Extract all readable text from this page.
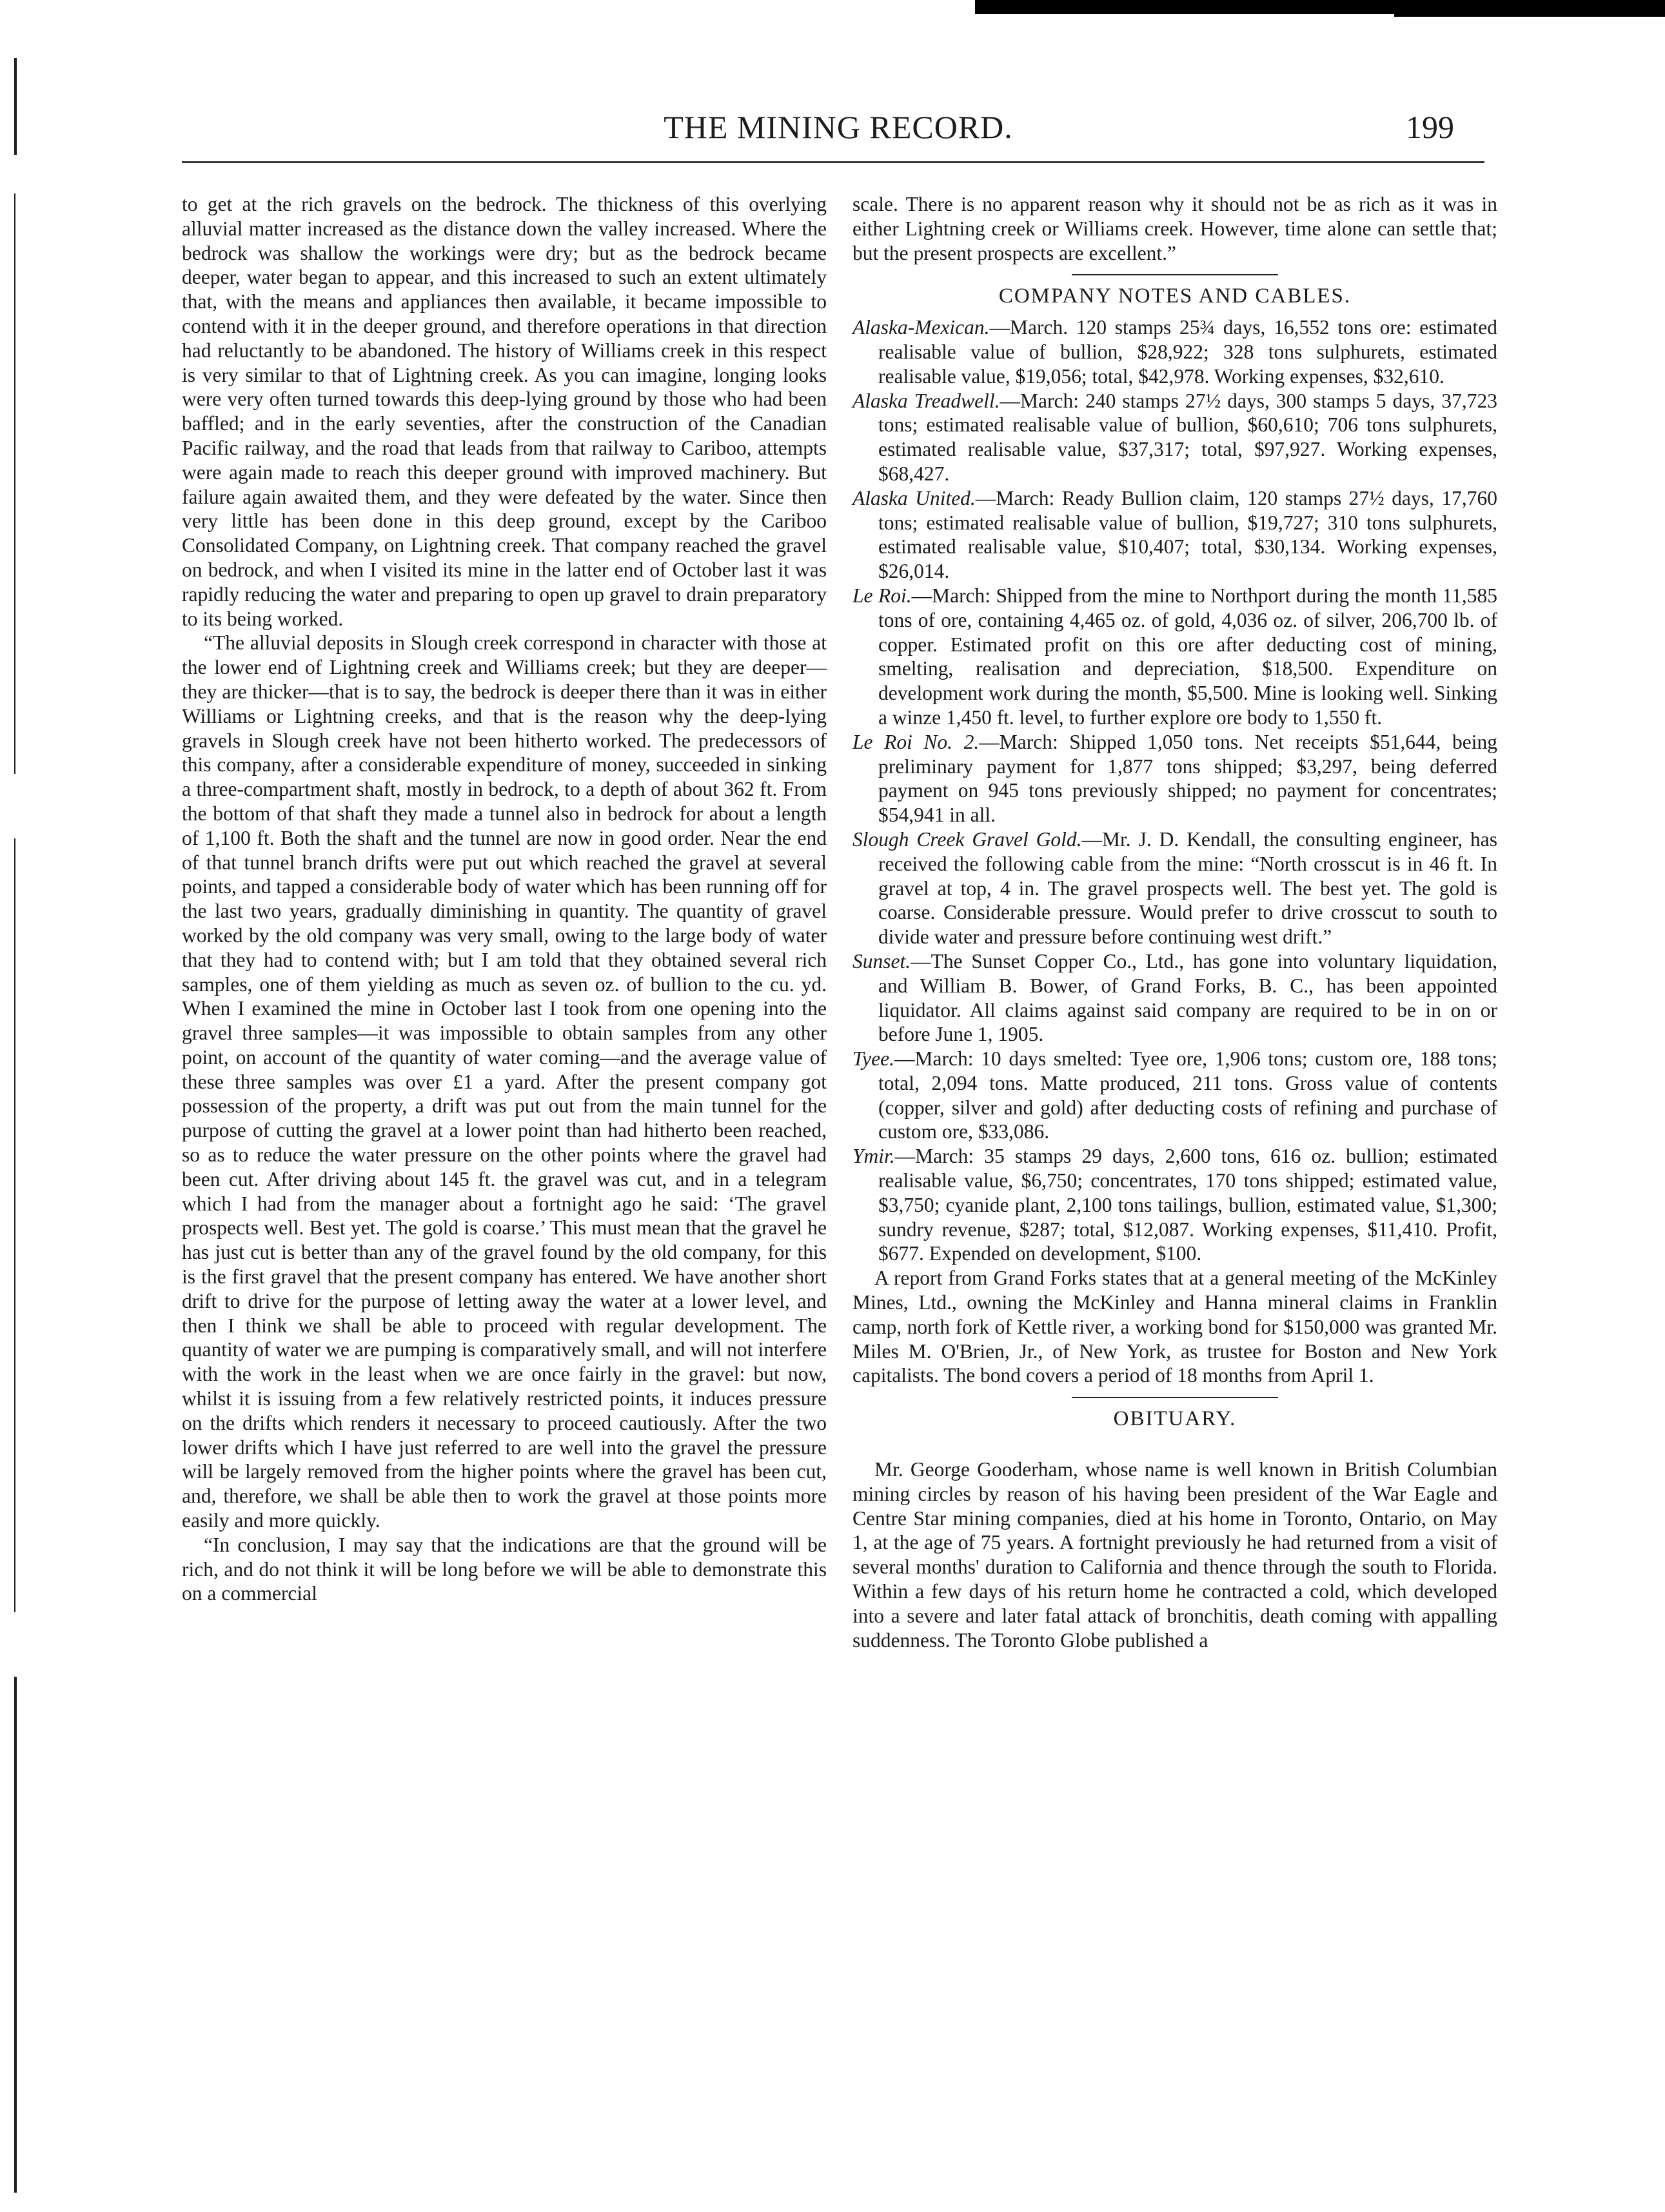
THE MINING RECORD.	199

to get at the rich gravels on the bedrock. The thickness of this overlying alluvial matter increased as the distance down the valley increased. Where the bedrock was shallow the workings were dry; but as the bedrock became deeper, water began to appear, and this increased to such an extent ultimately that, with the means and appliances then available, it became impossible to contend with it in the deeper ground, and therefore operations in that direction had reluctantly to be abandoned. The history of Williams creek in this respect is very similar to that of Lightning creek. As you can imagine, longing looks were very often turned towards this deep-lying ground by those who had been baffled; and in the early seventies, after the construction of the Canadian Pacific railway, and the road that leads from that railway to Cariboo, attempts were again made to reach this deeper ground with improved machinery. But failure again awaited them, and they were defeated by the water. Since then very little has been done in this deep ground, except by the Cariboo Consolidated Company, on Lightning creek. That company reached the gravel on bedrock, and when I visited its mine in the latter end of October last it was rapidly reducing the water and preparing to open up gravel to drain preparatory to its being worked.

“The alluvial deposits in Slough creek correspond in character with those at the lower end of Lightning creek and Williams creek; but they are deeper—they are thicker—that is to say, the bedrock is deeper there than it was in either Williams or Lightning creeks, and that is the reason why the deep-lying gravels in Slough creek have not been hitherto worked. The predecessors of this company, after a considerable expenditure of money, succeeded in sinking a three-compartment shaft, mostly in bedrock, to a depth of about 362 ft. From the bottom of that shaft they made a tunnel also in bedrock for about a length of 1,100 ft. Both the shaft and the tunnel are now in good order. Near the end of that tunnel branch drifts were put out which reached the gravel at several points, and tapped a considerable body of water which has been running off for the last two years, gradually diminishing in quantity. The quantity of gravel worked by the old company was very small, owing to the large body of water that they had to contend with; but I am told that they obtained several rich samples, one of them yielding as much as seven oz. of bullion to the cu. yd. When I examined the mine in October last I took from one opening into the gravel three samples—it was impossible to obtain samples from any other point, on account of the quantity of water coming—and the average value of these three samples was over £1 a yard. After the present company got possession of the property, a drift was put out from the main tunnel for the purpose of cutting the gravel at a lower point than had hitherto been reached, so as to reduce the water pressure on the other points where the gravel had been cut. After driving about 145 ft. the gravel was cut, and in a telegram which I had from the manager about a fortnight ago he said: ‘The gravel prospects well. Best yet. The gold is coarse.’ This must mean that the gravel he has just cut is better than any of the gravel found by the old company, for this is the first gravel that the present company has entered. We have another short drift to drive for the purpose of letting away the water at a lower level, and then I think we shall be able to proceed with regular development. The quantity of water we are pumping is comparatively small, and will not interfere with the work in the least when we are once fairly in the gravel: but now, whilst it is issuing from a few relatively restricted points, it induces pressure on the drifts which renders it necessary to proceed cautiously. After the two lower drifts which I have just referred to are well into the gravel the pressure will be largely removed from the higher points where the gravel has been cut, and, therefore, we shall be able then to work the gravel at those points more easily and more quickly.

“In conclusion, I may say that the indications are that the ground will be rich, and do not think it will be long before we will be able to demonstrate this on a commercial

scale. There is no apparent reason why it should not be as rich as it was in either Lightning creek or Williams creek. However, time alone can settle that; but the present prospects are excellent.”

COMPANY NOTES AND CABLES.

Alaska-Mexican.—March. 120 stamps 25¾ days, 16,552 tons ore: estimated realisable value of bullion, $28,922; 328 tons sulphurets, estimated realisable value, $19,056; total, $42,978. Working expenses, $32,610.

Alaska Treadwell.—March: 240 stamps 27½ days, 300 stamps 5 days, 37,723 tons; estimated realisable value of bullion, $60,610; 706 tons sulphurets, estimated realisable value, $37,317; total, $97,927. Working expenses, $68,427.

Alaska United.—March: Ready Bullion claim, 120 stamps 27½ days, 17,760 tons; estimated realisable value of bullion, $19,727; 310 tons sulphurets, estimated realisable value, $10,407; total, $30,134. Working expenses, $26,014.

Le Roi.—March: Shipped from the mine to Northport during the month 11,585 tons of ore, containing 4,465 oz. of gold, 4,036 oz. of silver, 206,700 lb. of copper. Estimated profit on this ore after deducting cost of mining, smelting, realisation and depreciation, $18,500. Expenditure on development work during the month, $5,500. Mine is looking well. Sinking a winze 1,450 ft. level, to further explore ore body to 1,550 ft.

Le Roi No. 2.—March: Shipped 1,050 tons. Net receipts $51,644, being preliminary payment for 1,877 tons shipped; $3,297, being deferred payment on 945 tons previously shipped; no payment for concentrates; $54,941 in all.

Slough Creek Gravel Gold.—Mr. J. D. Kendall, the consulting engineer, has received the following cable from the mine: “North crosscut is in 46 ft. In gravel at top, 4 in. The gravel prospects well. The best yet. The gold is coarse. Considerable pressure. Would prefer to drive crosscut to south to divide water and pressure before continuing west drift.”

Sunset.—The Sunset Copper Co., Ltd., has gone into voluntary liquidation, and William B. Bower, of Grand Forks, B. C., has been appointed liquidator. All claims against said company are required to be in on or before June 1, 1905.

Tyee.—March: 10 days smelted: Tyee ore, 1,906 tons; custom ore, 188 tons; total, 2,094 tons. Matte produced, 211 tons. Gross value of contents (copper, silver and gold) after deducting costs of refining and purchase of custom ore, $33,086.

Ymir.—March: 35 stamps 29 days, 2,600 tons, 616 oz. bullion; estimated realisable value, $6,750; concentrates, 170 tons shipped; estimated value, $3,750; cyanide plant, 2,100 tons tailings, bullion, estimated value, $1,300; sundry revenue, $287; total, $12,087. Working expenses, $11,410. Profit, $677. Expended on development, $100.

A report from Grand Forks states that at a general meeting of the McKinley Mines, Ltd., owning the McKinley and Hanna mineral claims in Franklin camp, north fork of Kettle river, a working bond for $150,000 was granted Mr. Miles M. O'Brien, Jr., of New York, as trustee for Boston and New York capitalists. The bond covers a period of 18 months from April 1.

OBITUARY.

Mr. George Gooderham, whose name is well known in British Columbian mining circles by reason of his having been president of the War Eagle and Centre Star mining companies, died at his home in Toronto, Ontario, on May 1, at the age of 75 years. A fortnight previously he had returned from a visit of several months' duration to California and thence through the south to Florida. Within a few days of his return home he contracted a cold, which developed into a severe and later fatal attack of bronchitis, death coming with appalling suddenness. The Toronto Globe published a
